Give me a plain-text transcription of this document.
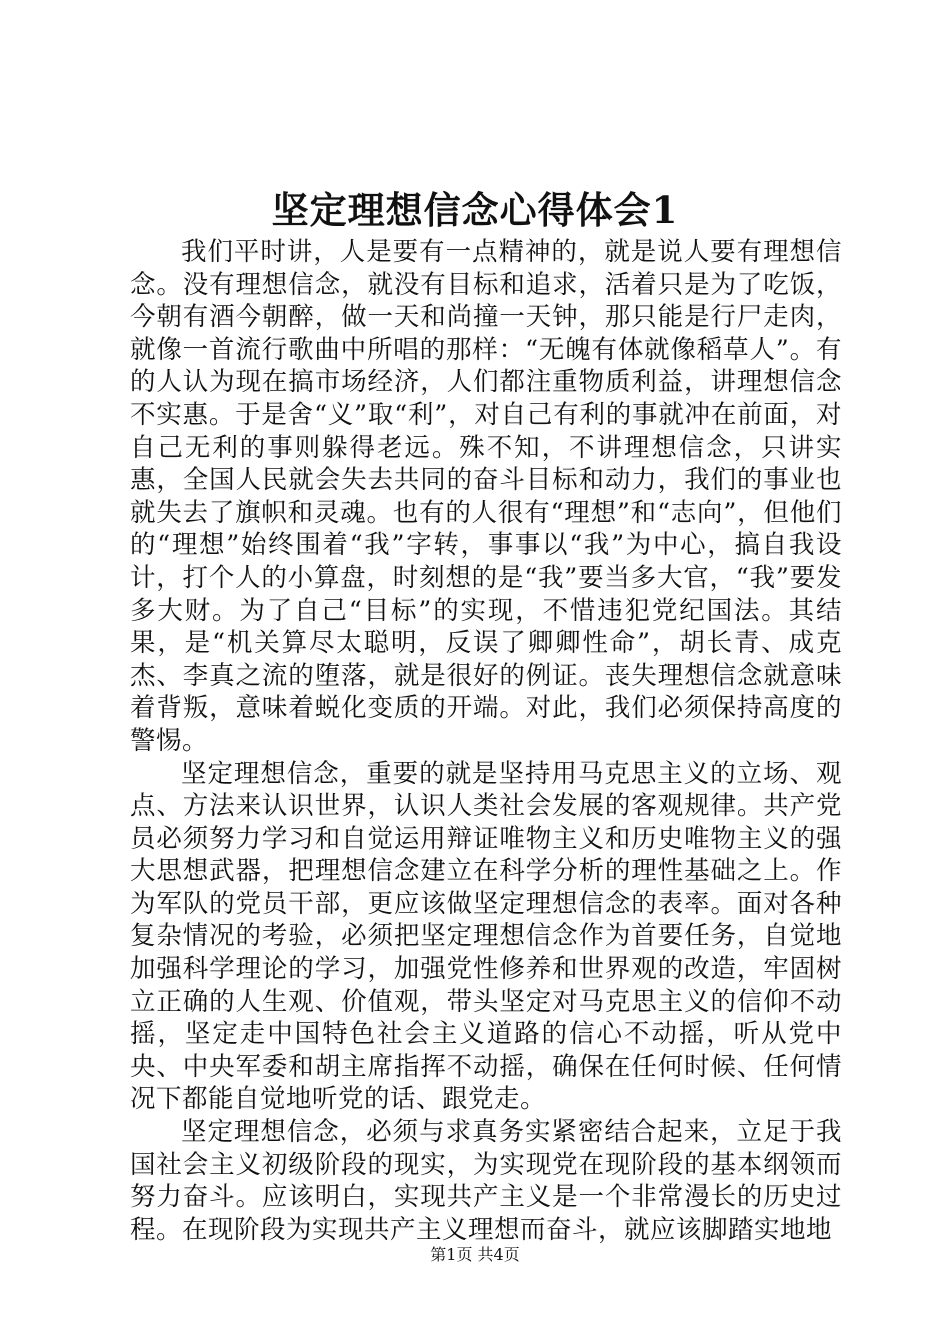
坚定理想信念心得体会1

我们平时讲，人是要有一点精神的，就是说人要有理想信念。没有理想信念，就没有目标和追求，活着只是为了吃饭，今朝有酒今朝醉，做一天和尚撞一天钟，那只能是行尸走肉，就像一首流行歌曲中所唱的那样：“无魄有体就像稻草人”。有的人认为现在搞市场经济，人们都注重物质利益，讲理想信念不实惠。于是舍“义”取“利”，对自己有利的事就冲在前面，对自己无利的事则躲得老远。殊不知，不讲理想信念，只讲实惠，全国人民就会失去共同的奋斗目标和动力，我们的事业也就失去了旗帜和灵魂。也有的人很有“理想”和“志向”，但他们的“理想”始终围着“我”字转，事事以“我”为中心，搞自我设计，打个人的小算盘，时刻想的是“我”要当多大官，“我”要发多大财。为了自己“目标”的实现，不惜违犯党纪国法。其结果，是“机关算尽太聪明，反误了卿卿性命”，胡长青、成克杰、李真之流的堕落，就是很好的例证。丧失理想信念就意味着背叛，意味着蜕化变质的开端。对此，我们必须保持高度的警惕。

坚定理想信念，重要的就是坚持用马克思主义的立场、观点、方法来认识世界，认识人类社会发展的客观规律。共产党员必须努力学习和自觉运用辩证唯物主义和历史唯物主义的强大思想武器，把理想信念建立在科学分析的理性基础之上。作为军队的党员干部，更应该做坚定理想信念的表率。面对各种复杂情况的考验，必须把坚定理想信念作为首要任务，自觉地加强科学理论的学习，加强党性修养和世界观的改造，牢固树立正确的人生观、价值观，带头坚定对马克思主义的信仰不动摇，坚定走中国特色社会主义道路的信心不动摇，听从党中央、中央军委和胡主席指挥不动摇，确保在任何时候、任何情况下都能自觉地听党的话、跟党走。

坚定理想信念，必须与求真务实紧密结合起来，立足于我国社会主义初级阶段的现实，为实现党在现阶段的基本纲领而努力奋斗。应该明白，实现共产主义是一个非常漫长的历史过程。在现阶段为实现共产主义理想而奋斗，就应该脚踏实地地

第1页 共4页
